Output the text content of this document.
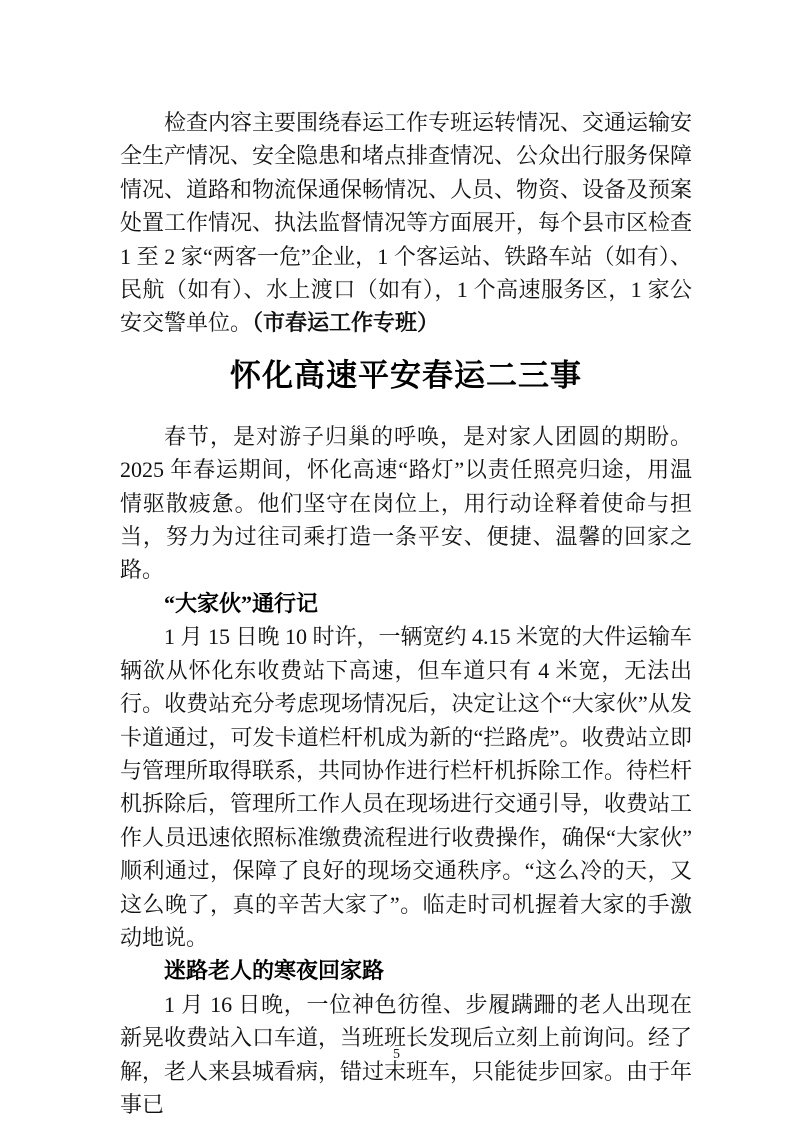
检查内容主要围绕春运工作专班运转情况、交通运输安全生产情况、安全隐患和堵点排查情况、公众出行服务保障情况、道路和物流保通保畅情况、人员、物资、设备及预案处置工作情况、执法监督情况等方面展开，每个县市区检查 1 至 2 家“两客一危”企业，1 个客运站、铁路车站（如有）、民航（如有）、水上渡口（如有），1 个高速服务区，1 家公安交警单位。（市春运工作专班）

怀化高速平安春运二三事

春节，是对游子归巢的呼唤，是对家人团圆的期盼。2025 年春运期间，怀化高速“路灯”以责任照亮归途，用温情驱散疲惫。他们坚守在岗位上，用行动诠释着使命与担当，努力为过往司乘打造一条平安、便捷、温馨的回家之路。

“大家伙”通行记

1 月 15 日晚 10 时许，一辆宽约 4.15 米宽的大件运输车辆欲从怀化东收费站下高速，但车道只有 4 米宽，无法出行。收费站充分考虑现场情况后，决定让这个“大家伙”从发卡道通过，可发卡道栏杆机成为新的“拦路虎”。收费站立即与管理所取得联系，共同协作进行栏杆机拆除工作。待栏杆机拆除后，管理所工作人员在现场进行交通引导，收费站工作人员迅速依照标准缴费流程进行收费操作，确保“大家伙”顺利通过，保障了良好的现场交通秩序。“这么冷的天，又这么晚了，真的辛苦大家了”。临走时司机握着大家的手激动地说。

迷路老人的寒夜回家路

1 月 16 日晚，一位神色彷徨、步履蹒跚的老人出现在新晃收费站入口车道，当班班长发现后立刻上前询问。经了解，老人来县城看病，错过末班车，只能徒步回家。由于年事已

5
